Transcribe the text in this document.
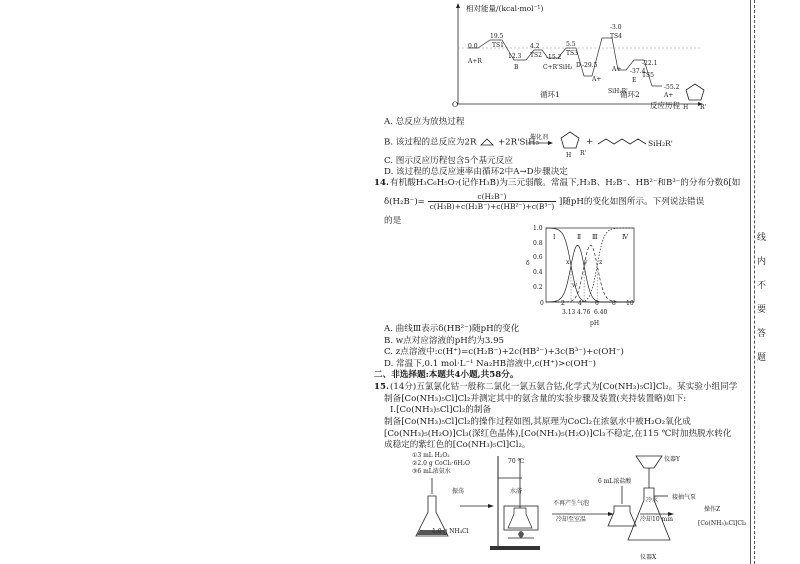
相对能量/(kcal·mol⁻¹)
O	反应历程
循环1	循环2
0.0
19.5
12.3
4.2
-15.2
5.5
-29.5
-3.0
-37.4
-22.1
-55.2
TS1
TS2	TS3
TS4
TS5
A+R
B	C+R'SiH₃ D
A+
SiH₂R'
A+
E
A+
H R'
A. 总反应为放热过程
B. 该过程的总反应为2R +2R'SiH₃
催化剂
H R'
+	SiH₂R'
C. 图示反应历程包含5个基元反应
D. 该过程的总反应速率由循环2中A→D步骤决定
14. 有机酸H₃C₆H₅O₇(记作H₃B)为三元弱酸。常温下,H₃B、H₂B⁻、HB²⁻和B³⁻的分布分数δ[如
$\delta(H_2B^-)= \frac{\text{c(H₂B⁻)}}{\text{c(H₃B)+c(H₂B⁻)+c(HB²⁻)+c(B³⁻)}}$ ]随pH的变化如图所示。下列说法错误
的是
δ
pH
1.0
0.8
0.6
0.4
0.2
0	2 4 6 8 10
3.13 4.76 6.40
Ⅰ	Ⅱ Ⅲ	Ⅳ
x y z
w
A. 曲线Ⅲ表示δ(HB²⁻)随pH的变化
B. w点对应溶液的pH约为3.95
C. z点溶液中:c(H⁺)=c(H₂B⁻)+2c(HB²⁻)+3c(B³⁻)+c(OH⁻)
D. 常温下,0.1 mol·L⁻¹ Na₂HB溶液中,c(H⁺)>c(OH⁻)
二、非选择题:本题共4小题,共58分。
15. (14分)五氯氯化钴一般称二氯化一氯五氨合钴,化学式为[Co(NH₃)₅Cl]Cl₂。某实验小组同学
制备[Co(NH₃)₅Cl]Cl₂并测定其中的氨含量的实验步骤及装置(夹持装置略)如下:
Ⅰ.[Co(NH₃)₅Cl]Cl₂的制备
制备[Co(NH₃)₅Cl]Cl₂的操作过程如图,其原理为CoCl₂在浓氨水中被H₂O₂氧化成
[Co(NH₃)₅(H₂O)]Cl₃(深红色晶体),[Co(NH₃)₅(H₂O)]Cl₃不稳定,在115 ℃时加热脱水转化
成稳定的紫红色的[Co(NH₃)₅Cl]Cl₂。
①3 mL H₂O₂
②2.0 g CoCl₂·6H₂O
③6 mL浓氨水
振荡
1.0 g NH₄Cl
70 ℃
水浴
不再产生气泡
冷却至室温
6 mL浓盐酸
冷水
冷却10 min
仪器Y
接抽气泵
操作Z
[Co(NH₃)₅Cl]Cl₂
仪器X
线
内
不
要
答
题
